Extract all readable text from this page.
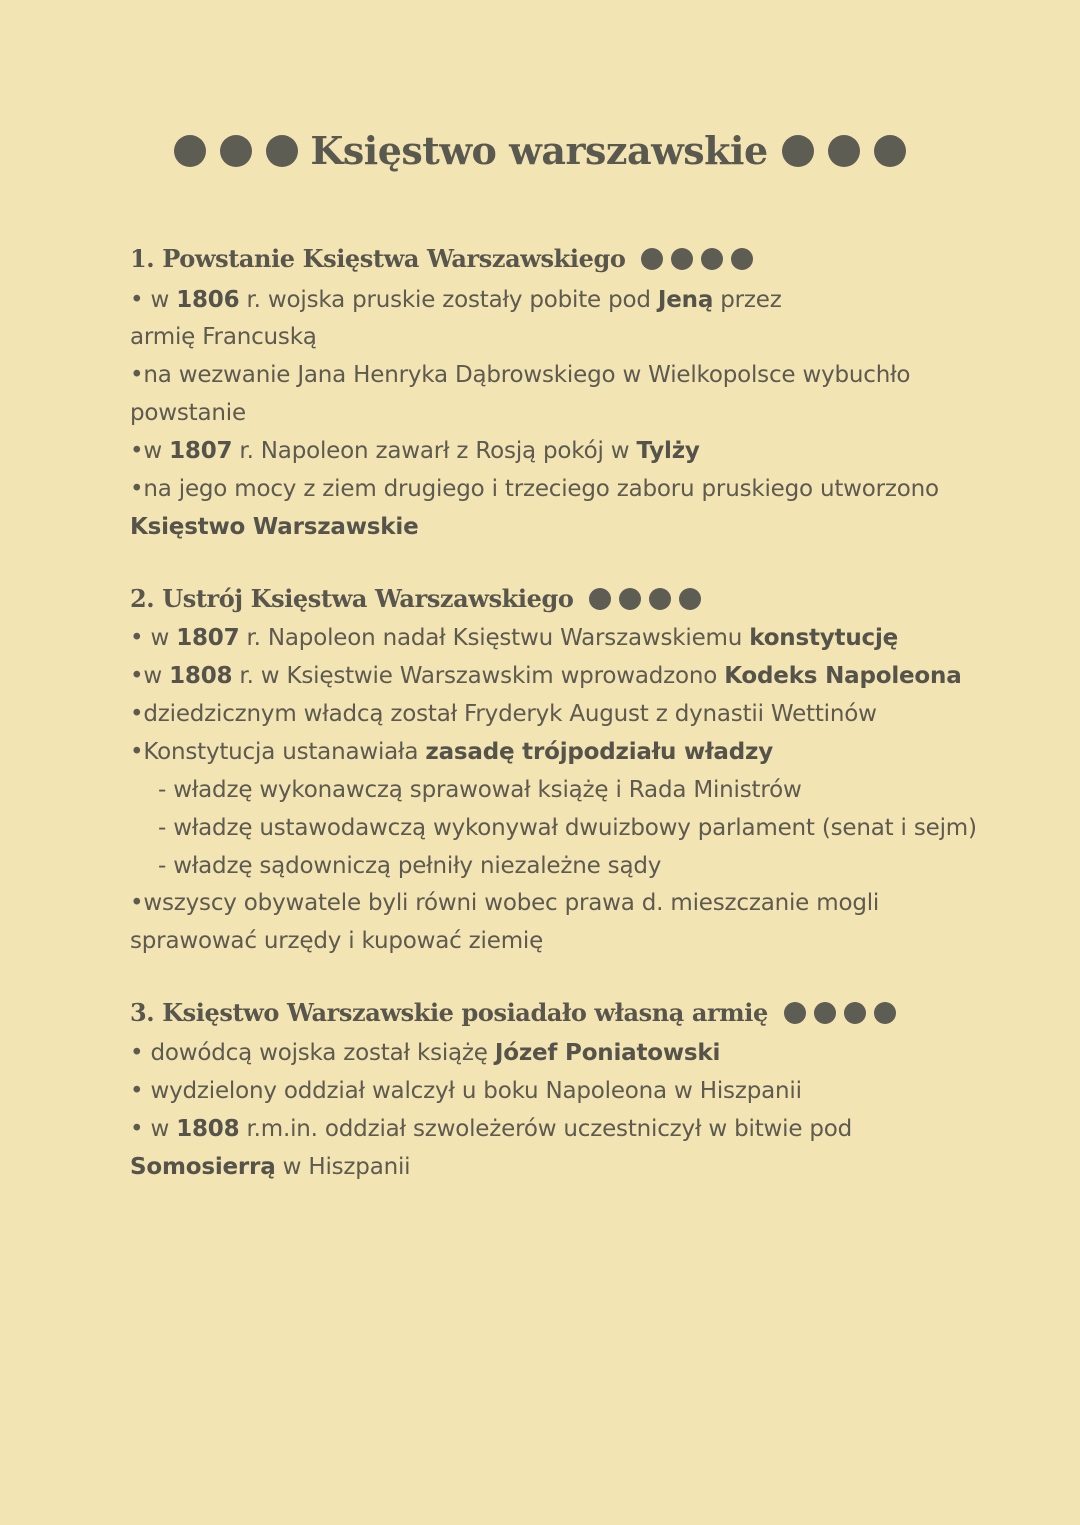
Księstwo warszawskie
1. Powstanie Księstwa Warszawskiego
• w 1806 r. wojska pruskie zostały pobite pod Jeną przez
armię Francuską
•na wezwanie Jana Henryka Dąbrowskiego w Wielkopolsce wybuchło
powstanie
•w 1807 r. Napoleon zawarł z Rosją pokój w Tylży
•na jego mocy z ziem drugiego i trzeciego zaboru pruskiego utworzono
Księstwo Warszawskie
2. Ustrój Księstwa Warszawskiego
• w 1807 r. Napoleon nadał Księstwu Warszawskiemu konstytucję
•w 1808 r. w Księstwie Warszawskim wprowadzono Kodeks Napoleona
•dziedzicznym władcą został Fryderyk August z dynastii Wettinów
•Konstytucja ustanawiała zasadę trójpodziału władzy
- władzę wykonawczą sprawował książę i Rada Ministrów
- władzę ustawodawczą wykonywał dwuizbowy parlament (senat i sejm)
- władzę sądowniczą pełniły niezależne sądy
•wszyscy obywatele byli równi wobec prawa d. mieszczanie mogli
sprawować urzędy i kupować ziemię
3. Księstwo Warszawskie posiadało własną armię
• dowódcą wojska został książę Józef Poniatowski
• wydzielony oddział walczył u boku Napoleona w Hiszpanii
• w 1808 r.m.in. oddział szwoleżerów uczestniczył w bitwie pod
Somosierrą w Hiszpanii
